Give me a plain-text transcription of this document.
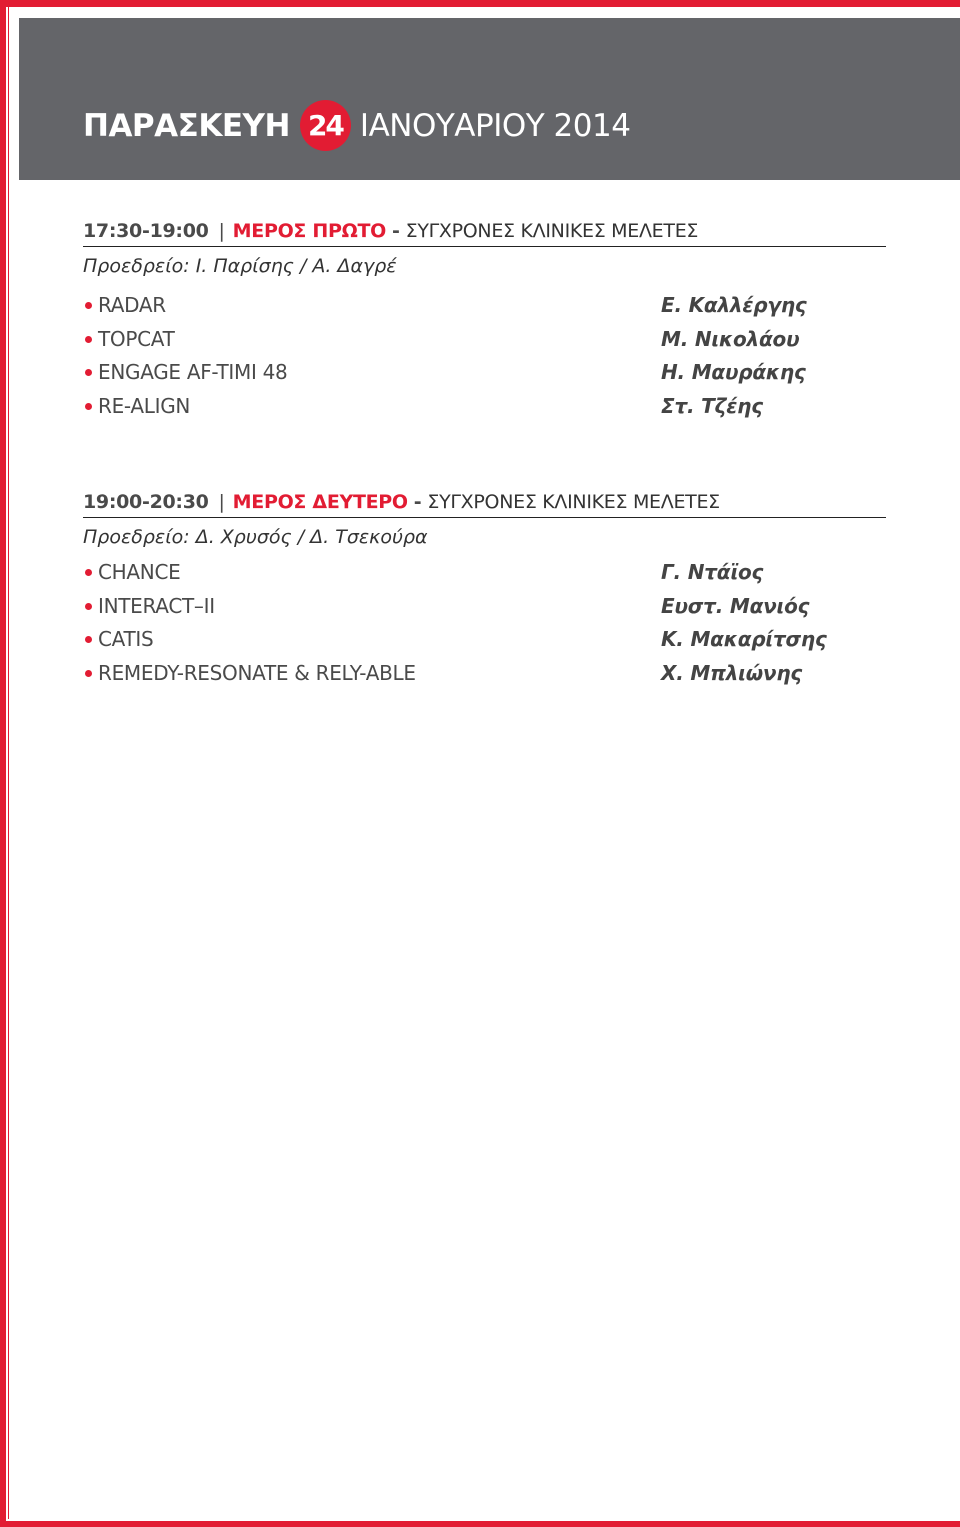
ΠΑΡΑΣΚΕΥΗ 24 ΙΑΝΟΥΑΡΙΟΥ 2014
17:30-19:00 | ΜΕΡΟΣ ΠΡΩΤΟ - ΣΥΓΧΡΟΝΕΣ ΚΛΙΝΙΚΕΣ ΜΕΛΕΤΕΣ
Προεδρείο: Ι. Παρίσης / Α. Δαγρέ
RADAR	Ε. Καλλέργης
TOPCAT	Μ. Νικολάου
ENGAGE AF-TIMI 48	Η. Μαυράκης
RE-ALIGN	Στ. Τζέης
19:00-20:30 | ΜΕΡΟΣ ΔΕΥΤΕΡΟ - ΣΥΓΧΡΟΝΕΣ ΚΛΙΝΙΚΕΣ ΜΕΛΕΤΕΣ
Προεδρείο: Δ. Χρυσός / Δ. Τσεκούρα
CHANCE	Γ. Ντάϊος
INTERACT–II	Ευστ. Μανιός
CATIS	Κ. Μακαρίτσης
REMEDY-RESONATE & RELY-ABLE	Χ. Μπλιώνης
